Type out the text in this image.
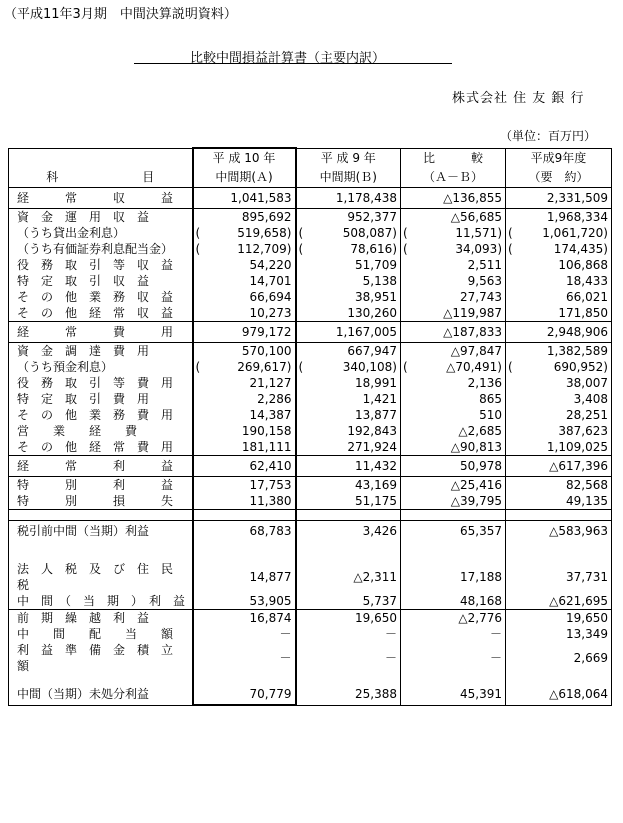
（平成11年3月期　中間決算説明資料）
比較中間損益計算書（主要内訳）
株式会社 住 友 銀 行
（単位：百万円）
	平 成 10 年	平 成 9 年	比　　　較	平成9年度
科　　　　　　　目	中間期(Ａ)	中間期(Ｂ)	（Ａ－Ｂ）	（要　約）
経　　　常　　　収　　　益	1,041,583	1,178,438	△136,855	2,331,509
資　金　運　用　収　益	895,692	952,377	△56,685	1,968,334
（うち貸出金利息）	( 519,658)	( 508,087)	( 11,571)	( 1,061,720)
（うち有価証券利息配当金）	( 112,709)	( 78,616)	( 34,093)	( 174,435)
役　務　取　引　等　収　益	54,220	51,709	2,511	106,868
特　定　取　引　収　益	14,701	5,138	9,563	18,433
そ　の　他　業　務　収　益	66,694	38,951	27,743	66,021
そ　の　他　経　常　収　益	10,273	130,260	△119,987	171,850
経　　　常　　　費　　　用	979,172	1,167,005	△187,833	2,948,906
資　金　調　達　費　用	570,100	667,947	△97,847	1,382,589
（うち預金利息）	( 269,617)	( 340,108)	( △70,491)	( 690,952)
役　務　取　引　等　費　用	21,127	18,991	2,136	38,007
特　定　取　引　費　用	2,286	1,421	865	3,408
そ　の　他　業　務　費　用	14,387	13,877	510	28,251
営　　業　　経　　費	190,158	192,843	△2,685	387,623
そ　の　他　経　常　費　用	181,111	271,924	△90,813	1,109,025
経　　　常　　　利　　　益	62,410	11,432	50,978	△617,396
特　　　別　　　利　　　益	17,753	43,169	△25,416	82,568
特　　　別　　　損　　　失	11,380	51,175	△39,795	49,135

税引前中間（当期）利益	68,783	3,426	65,357	△583,963

法　人　税　及　び　住　民　税	14,877	△2,311	17,188	37,731
中　間　（　当　期　）　利　益	53,905	5,737	48,168	△621,695
前　期　繰　越　利　益	16,874	19,650	△2,776	19,650
中　　間　　配　　当　　額	－	－	－	13,349
利　益　準　備　金　積　立　額	－	－	－	2,669

中間（当期）未処分利益	70,779	25,388	45,391	△618,064
